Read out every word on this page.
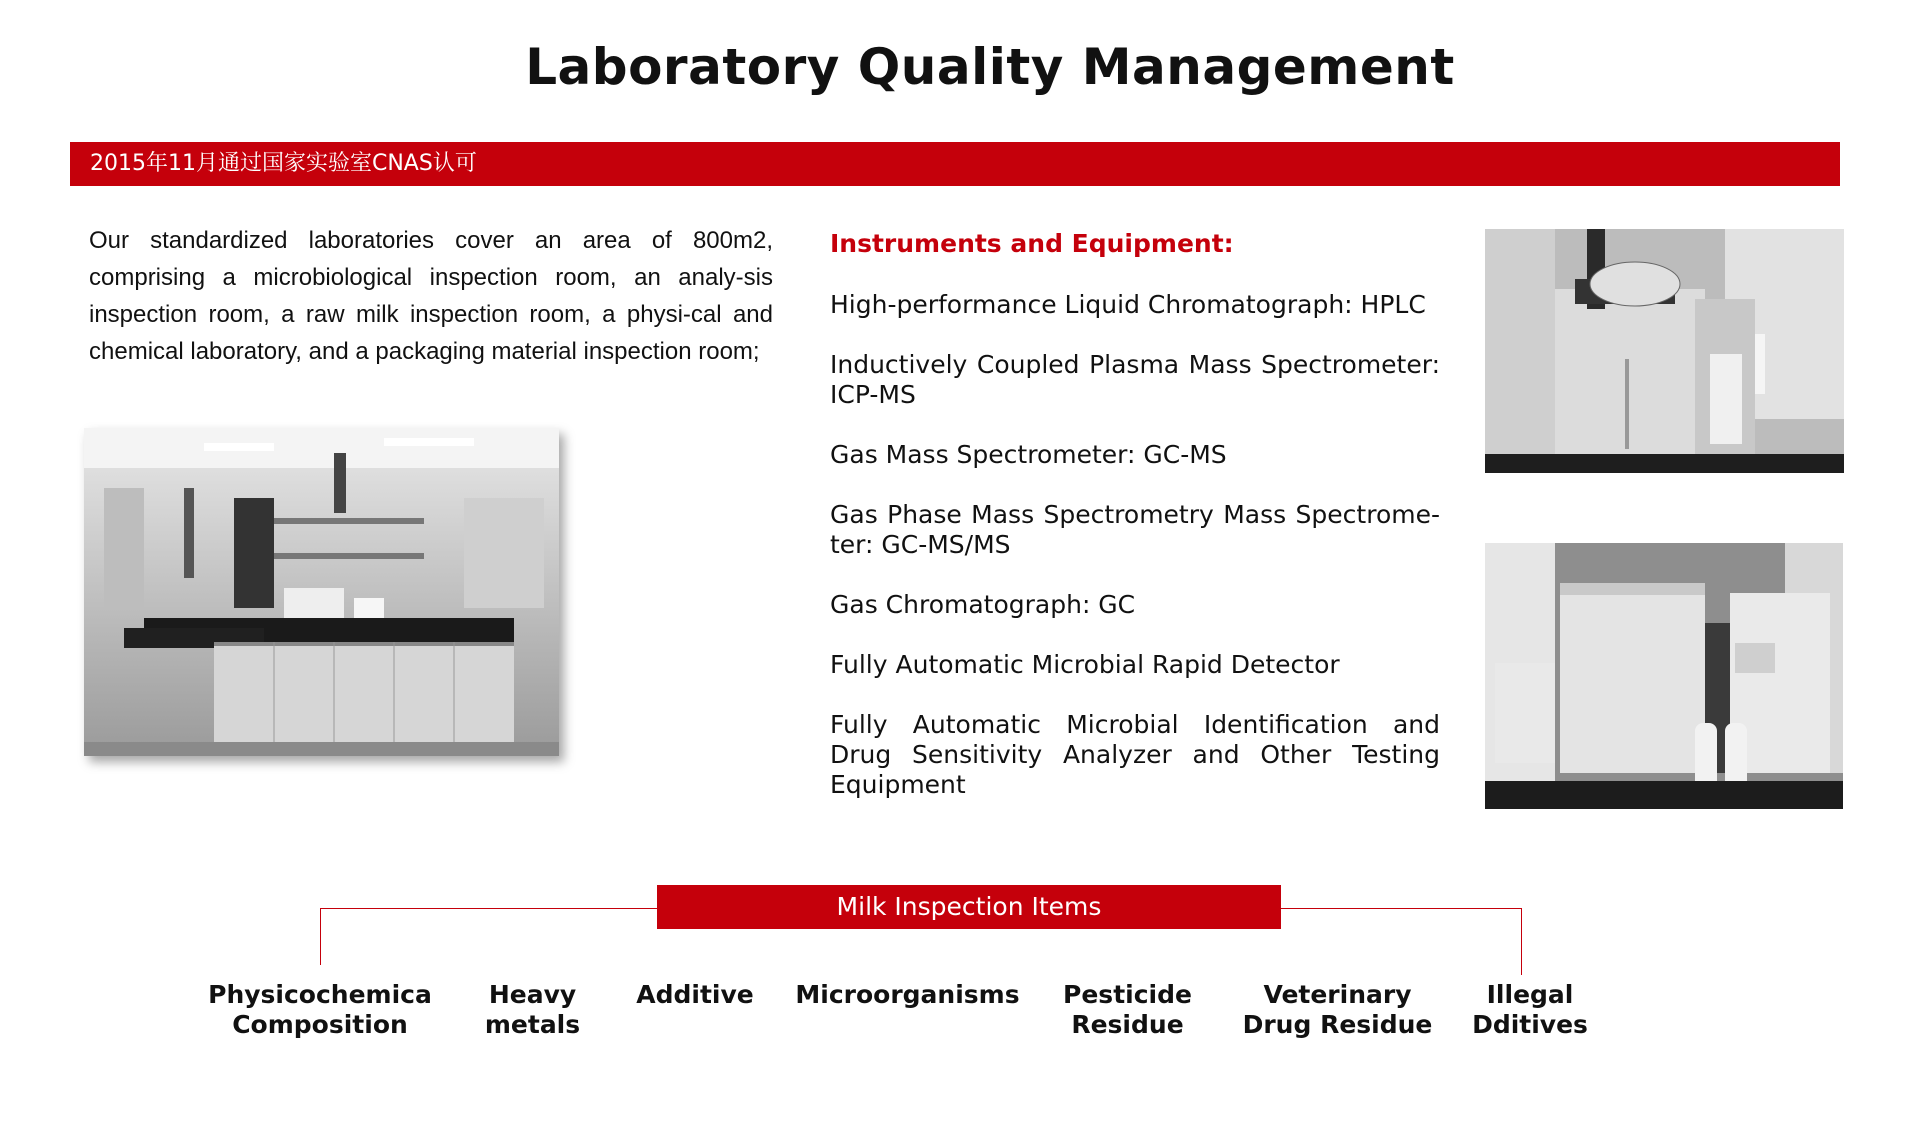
Laboratory Quality Management
2015年11月通过国家实验室CNAS认可

Our standardized laboratories cover an area of 800m2, comprising a microbiological inspection room, an analy-sis inspection room, a raw milk inspection room, a physi-cal and chemical laboratory, and a packaging material inspection room;

Instruments and Equipment:
High-performance Liquid Chromatograph: HPLC
Inductively Coupled Plasma Mass Spectrometer: ICP-MS
Gas Mass Spectrometer: GC-MS
Gas Phase Mass Spectrometry Mass Spectrome-ter: GC-MS/MS
Gas Chromatograph: GC
Fully Automatic Microbial Rapid Detector
Fully Automatic Microbial Identification and Drug Sensitivity Analyzer and Other Testing Equipment
Milk Inspection Items
Physicochemica
Composition
Heavy
metals
Additive	Microorganisms	Pesticide
Residue
Veterinary
Drug Residue
Illegal
Dditives
